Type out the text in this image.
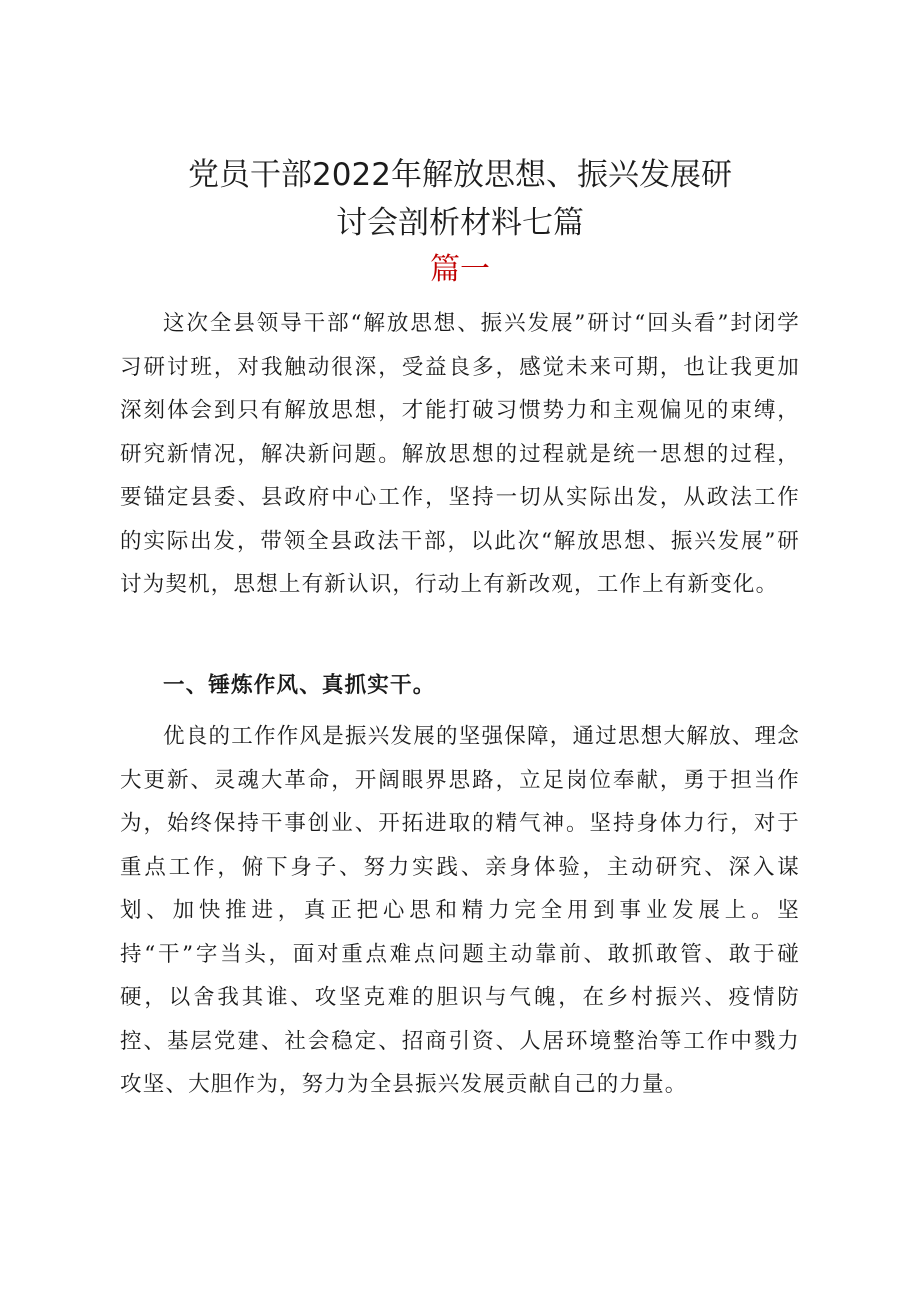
党员干部2022年解放思想、振兴发展研
讨会剖析材料七篇
篇一

这次全县领导干部“解放思想、振兴发展”研讨“回头看”封闭学习研讨班，对我触动很深，受益良多，感觉未来可期，也让我更加深刻体会到只有解放思想，才能打破习惯势力和主观偏见的束缚，研究新情况，解决新问题。解放思想的过程就是统一思想的过程，要锚定县委、县政府中心工作，坚持一切从实际出发，从政法工作的实际出发，带领全县政法干部，以此次“解放思想、振兴发展”研讨为契机，思想上有新认识，行动上有新改观，工作上有新变化。

一、锤炼作风、真抓实干。

优良的工作作风是振兴发展的坚强保障，通过思想大解放、理念大更新、灵魂大革命，开阔眼界思路，立足岗位奉献，勇于担当作为，始终保持干事创业、开拓进取的精气神。坚持身体力行，对于重点工作，俯下身子、努力实践、亲身体验，主动研究、深入谋划、加快推进，真正把心思和精力完全用到事业发展上。坚持“干”字当头，面对重点难点问题主动靠前、敢抓敢管、敢于碰硬，以舍我其谁、攻坚克难的胆识与气魄，在乡村振兴、疫情防控、基层党建、社会稳定、招商引资、人居环境整治等工作中戮力攻坚、大胆作为，努力为全县振兴发展贡献自己的力量。
